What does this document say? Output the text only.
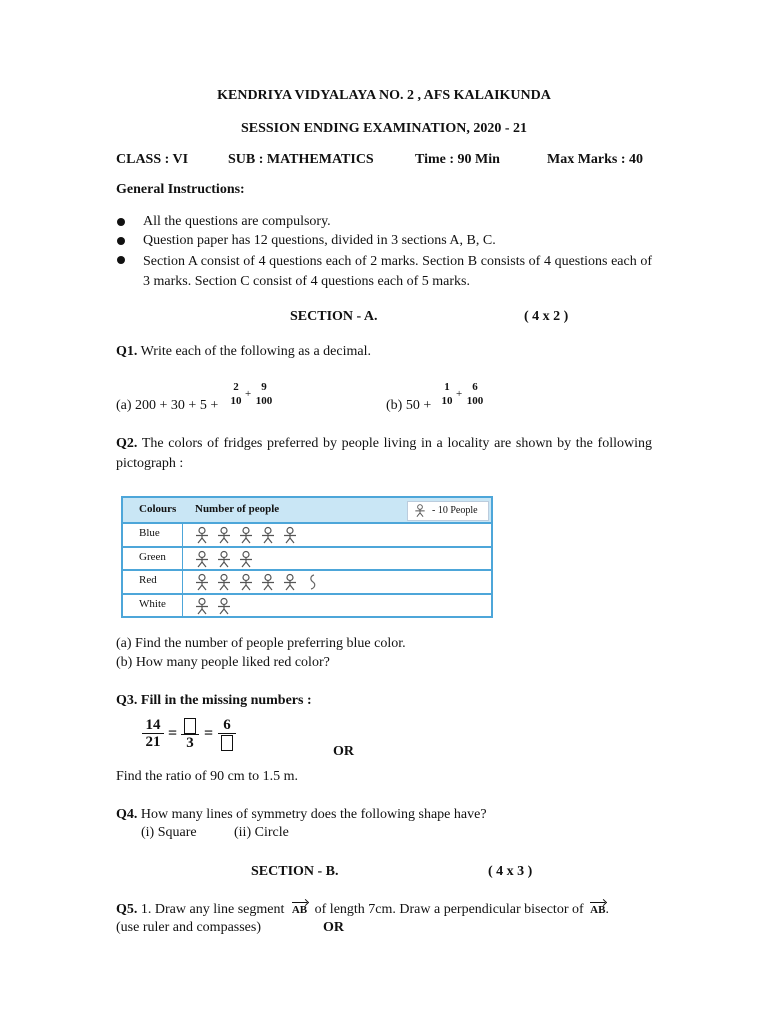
KENDRIYA VIDYALAYA NO. 2 , AFS KALAIKUNDA
SESSION ENDING EXAMINATION, 2020 - 21
CLASS : VI	SUB : MATHEMATICS	Time : 90 Min	Max Marks : 40
General Instructions:
All the questions are compulsory.
Question paper has 12 questions, divided in 3 sections A, B, C.
Section A consist of 4 questions each of 2 marks. Section B consists of 4 questions each of 3 marks. Section C consist of 4 questions each of 5 marks.
SECTION - A.	( 4 x 2 )
Q1. Write each of the following as a decimal.
(a) 200 + 30 + 5 +
2
10
+
9
100	(b) 50 +
1
10
+
6
100
Q2. The colors of fridges preferred by people living in a locality are shown by the following pictograph :
Colours Number of people	- 10 People
Blue
Green
Red
White
(a) Find the number of people preferring blue color.
(b) How many people liked red color?
Q3. Fill in the missing numbers :
$\frac{14}{21}$ =
3
= 6
OR
Find the ratio of 90 cm to 1.5 m.
Q4. How many lines of symmetry does the following shape have?
(i) Square	(ii) Circle
SECTION - B.	( 4 x 3 )
Q5. 1. Draw any line segment AB of length 7cm. Draw a perpendicular bisector of AB.
(use ruler and compasses)	OR
